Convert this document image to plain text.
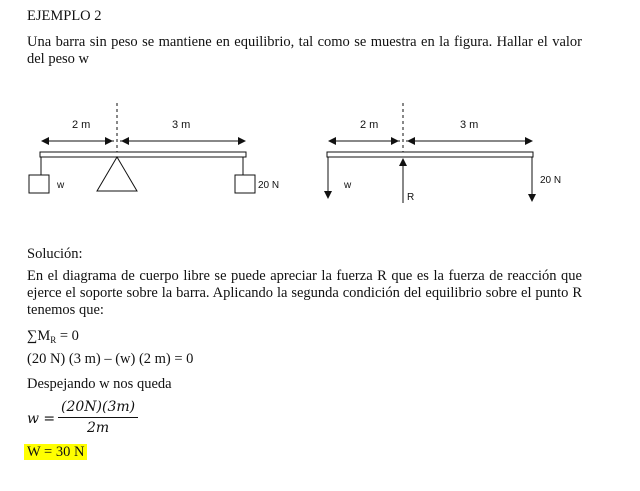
EJEMPLO 2
Una barra sin peso se mantiene en equilibrio, tal como se muestra en la figura. Hallar el valor del peso w
2 m	3 m
w	20 N
2 m	3 m
w
R
20 N
Solución:
En el diagrama de cuerpo libre se puede apreciar la fuerza R que es la fuerza de reacción que ejerce el soporte sobre la barra. Aplicando la segunda condición del equilibrio sobre el punto R tenemos que:
$\sum M_R = 0$
(20 N) (3 m) – (w) (2 m) = 0
Despejando w nos queda
$w = \frac{(20N)(3m)}{2m}$
W = 30 N
